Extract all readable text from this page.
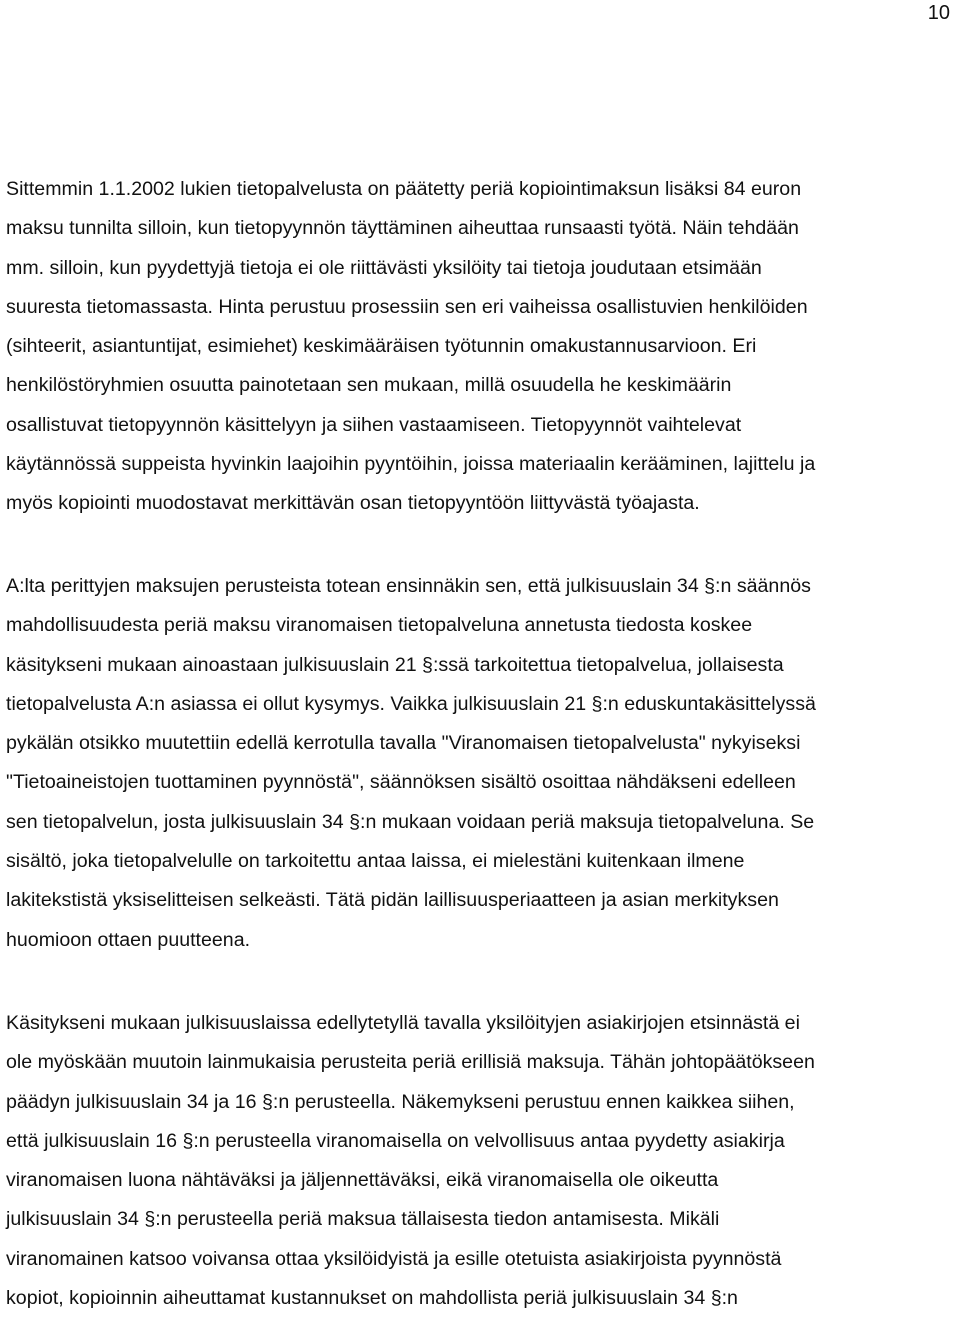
10
Sittemmin 1.1.2002 lukien tietopalvelusta on päätetty periä kopiointimaksun lisäksi 84 euron
maksu tunnilta silloin, kun tietopyynnön täyttäminen aiheuttaa runsaasti työtä. Näin tehdään
mm. silloin, kun pyydettyjä tietoja ei ole riittävästi yksilöity tai tietoja joudutaan etsimään
suuresta tietomassasta. Hinta perustuu prosessiin sen eri vaiheissa osallistuvien henkilöiden
(sihteerit, asiantuntijat, esimiehet) keskimääräisen työtunnin omakustannusarvioon. Eri
henkilöstöryhmien osuutta painotetaan sen mukaan, millä osuudella he keskimäärin
osallistuvat tietopyynnön käsittelyyn ja siihen vastaamiseen. Tietopyynnöt vaihtelevat
käytännössä suppeista hyvinkin laajoihin pyyntöihin, joissa materiaalin kerääminen, lajittelu ja
myös kopiointi muodostavat merkittävän osan tietopyyntöön liittyvästä työajasta.
A:lta perittyjen maksujen perusteista totean ensinnäkin sen, että julkisuuslain 34 §:n säännös
mahdollisuudesta periä maksu viranomaisen tietopalveluna annetusta tiedosta koskee
käsitykseni mukaan ainoastaan julkisuuslain 21 §:ssä tarkoitettua tietopalvelua, jollaisesta
tietopalvelusta A:n asiassa ei ollut kysymys. Vaikka julkisuuslain 21 §:n eduskuntakäsittelyssä
pykälän otsikko muutettiin edellä kerrotulla tavalla "Viranomaisen tietopalvelusta" nykyiseksi
"Tietoaineistojen tuottaminen pyynnöstä", säännöksen sisältö osoittaa nähdäkseni edelleen
sen tietopalvelun, josta julkisuuslain 34 §:n mukaan voidaan periä maksuja tietopalveluna. Se
sisältö, joka tietopalvelulle on tarkoitettu antaa laissa, ei mielestäni kuitenkaan ilmene
lakitekstistä yksiselitteisen selkeästi. Tätä pidän laillisuusperiaatteen ja asian merkityksen
huomioon ottaen puutteena.
Käsitykseni mukaan julkisuuslaissa edellytetyllä tavalla yksilöityjen asiakirjojen etsinnästä ei
ole myöskään muutoin lainmukaisia perusteita periä erillisiä maksuja. Tähän johtopäätökseen
päädyn julkisuuslain 34 ja 16 §:n perusteella. Näkemykseni perustuu ennen kaikkea siihen,
että julkisuuslain 16 §:n perusteella viranomaisella on velvollisuus antaa pyydetty asiakirja
viranomaisen luona nähtäväksi ja jäljennettäväksi, eikä viranomaisella ole oikeutta
julkisuuslain 34 §:n perusteella periä maksua tällaisesta tiedon antamisesta. Mikäli
viranomainen katsoo voivansa ottaa yksilöidyistä ja esille otetuista asiakirjoista pyynnöstä
kopiot, kopioinnin aiheuttamat kustannukset on mahdollista periä julkisuuslain 34 §:n
